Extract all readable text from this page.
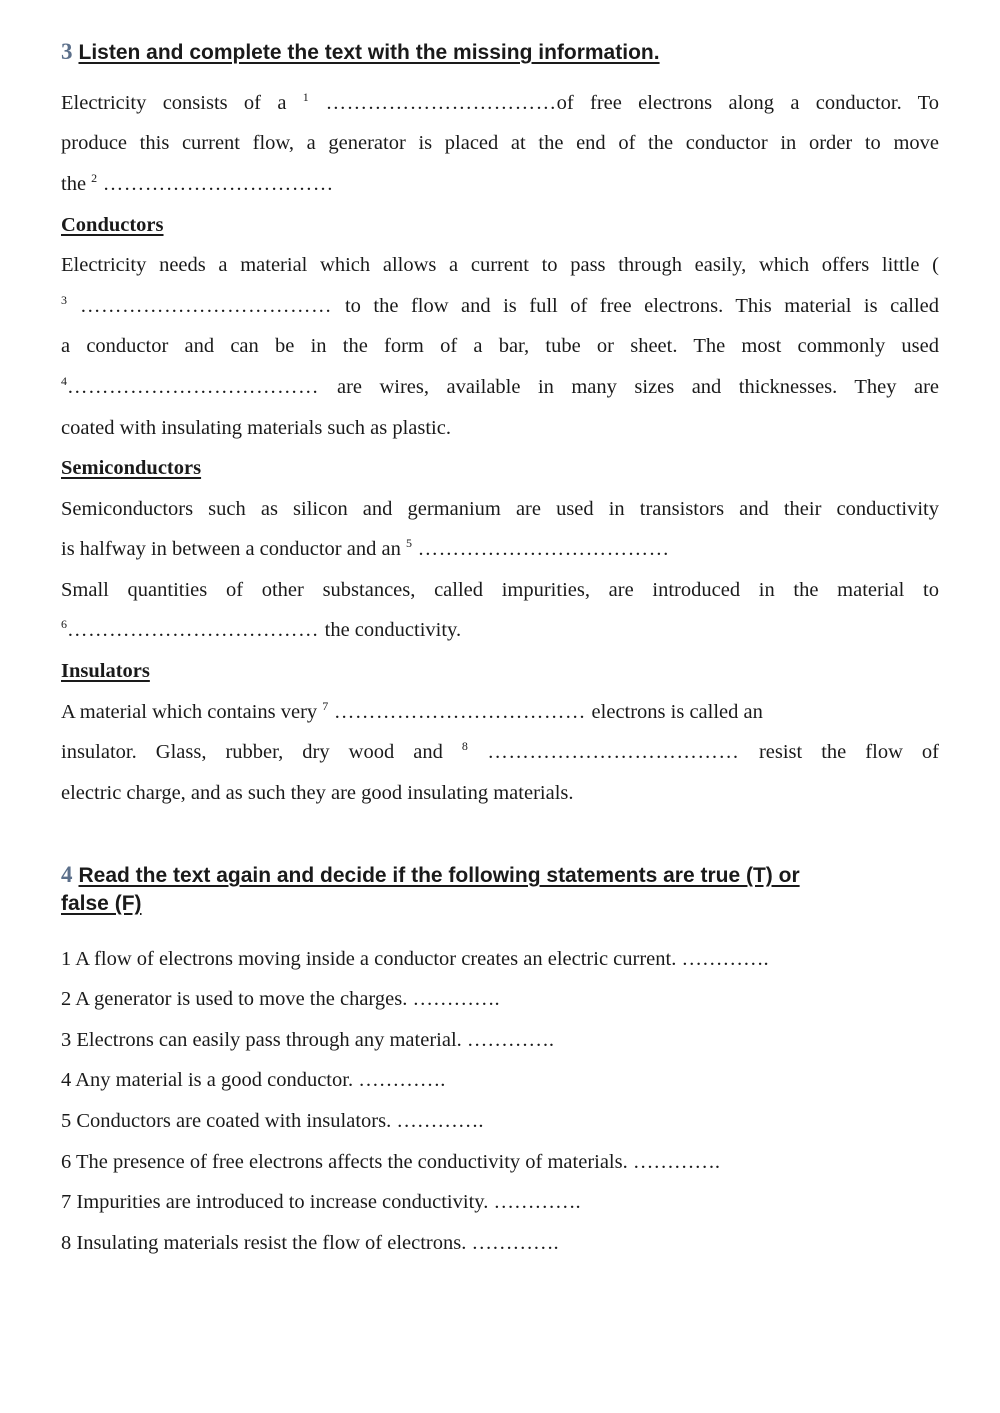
3 Listen and complete the text with the missing information.
Electricity consists of a $^1$ ……………………………of free electrons along a conductor. To
produce this current flow, a generator is placed at the end of the conductor in order to move
the $^2$ ……………………………
Conductors
Electricity needs a material which allows a current to pass through easily, which offers little (
$^3$ ……………………………… to the flow and is full of free electrons. This material is called
a conductor and can be in the form of a bar, tube or sheet. The most commonly used
$^4$……………………………… are wires, available in many sizes and thicknesses. They are
coated with insulating materials such as plastic.
Semiconductors
Semiconductors such as silicon and germanium are used in transistors and their conductivity
is halfway in between a conductor and an $^5$ ………………………………
Small quantities of other substances, called impurities, are introduced in the material to
$^6$……………………………… the conductivity.
Insulators
A material which contains very $^7$ ……………………………… electrons is called an
insulator. Glass, rubber, dry wood and $^8$ ……………………………… resist the flow of
electric charge, and as such they are good insulating materials.
4 Read the text again and decide if the following statements are true (T) or
false (F)
1 A flow of electrons moving inside a conductor creates an electric current. ………….
2 A generator is used to move the charges. ………….
3 Electrons can easily pass through any material. ………….
4 Any material is a good conductor. ………….
5 Conductors are coated with insulators. ………….
6 The presence of free electrons affects the conductivity of materials. ………….
7 Impurities are introduced to increase conductivity. ………….
8 Insulating materials resist the flow of electrons. ………….
